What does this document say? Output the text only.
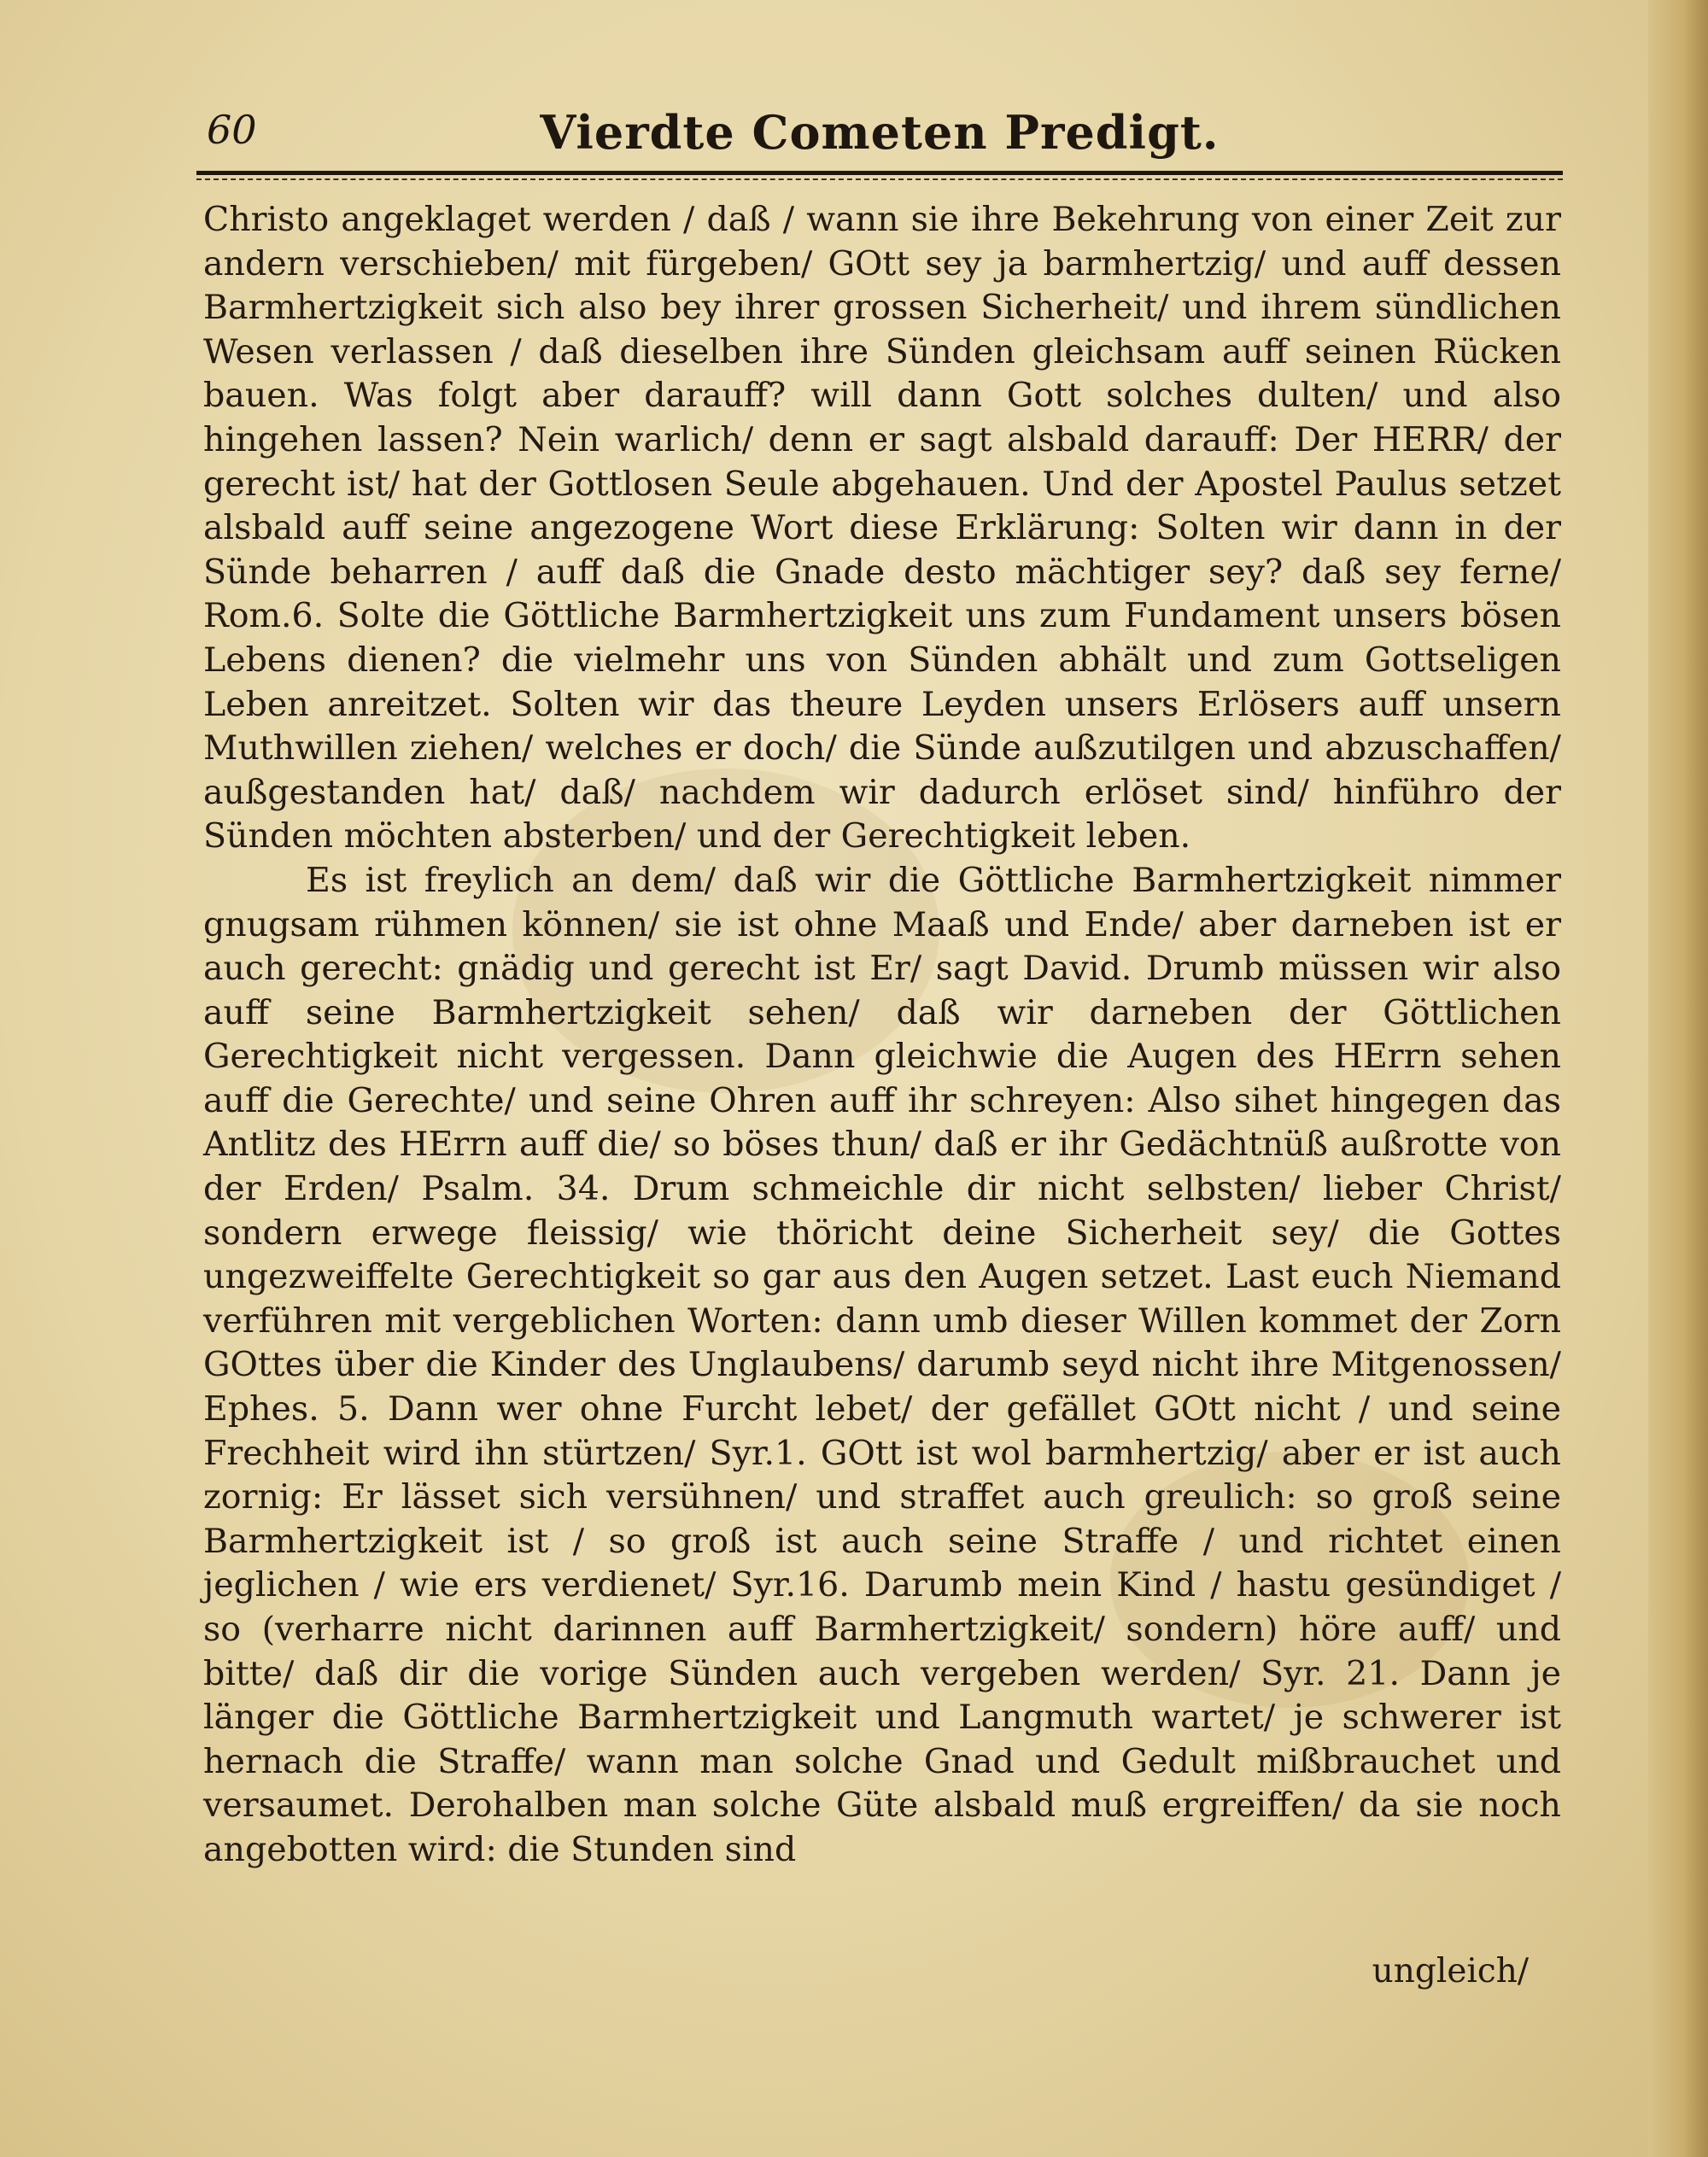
60	Vierdte Cometen Predigt.

Christo angeklaget werden / daß / wann sie ihre Bekehrung von einer Zeit zur andern verschieben/ mit fürgeben/ GOtt sey ja barmhertzig/ und auff dessen Barmhertzigkeit sich also bey ihrer grossen Sicherheit/ und ihrem sündlichen Wesen verlassen / daß dieselben ihre Sünden gleichsam auff seinen Rücken bauen. Was folgt aber darauff? will dann Gott solches dulten/ und also hingehen lassen? Nein warlich/ denn er sagt alsbald darauff: Der HERR/ der gerecht ist/ hat der Gottlosen Seule abgehauen. Und der Apostel Paulus setzet alsbald auff seine angezogene Wort diese Erklärung: Solten wir dann in der Sünde beharren / auff daß die Gnade desto mächtiger sey? daß sey ferne/ Rom.6. Solte die Göttliche Barmhertzigkeit uns zum Fundament unsers bösen Lebens dienen? die vielmehr uns von Sünden abhält und zum Gottseligen Leben anreitzet. Solten wir das theure Leyden unsers Erlösers auff unsern Muthwillen ziehen/ welches er doch/ die Sünde außzutilgen und abzuschaffen/ außgestanden hat/ daß/ nachdem wir dadurch erlöset sind/ hinführo der Sünden möchten absterben/ und der Gerechtigkeit leben.

Es ist freylich an dem/ daß wir die Göttliche Barmhertzigkeit nimmer gnugsam rühmen können/ sie ist ohne Maaß und Ende/ aber darneben ist er auch gerecht: gnädig und gerecht ist Er/ sagt David. Drumb müssen wir also auff seine Barmhertzigkeit sehen/ daß wir darneben der Göttlichen Gerechtigkeit nicht vergessen. Dann gleichwie die Augen des HErrn sehen auff die Gerechte/ und seine Ohren auff ihr schreyen: Also sihet hingegen das Antlitz des HErrn auff die/ so böses thun/ daß er ihr Gedächtnüß außrotte von der Erden/ Psalm. 34. Drum schmeichle dir nicht selbsten/ lieber Christ/ sondern erwege fleissig/ wie thöricht deine Sicherheit sey/ die Gottes ungezweiffelte Gerechtigkeit so gar aus den Augen setzet. Last euch Niemand verführen mit vergeblichen Worten: dann umb dieser Willen kommet der Zorn GOttes über die Kinder des Unglaubens/ darumb seyd nicht ihre Mitgenossen/ Ephes. 5. Dann wer ohne Furcht lebet/ der gefället GOtt nicht / und seine Frechheit wird ihn stürtzen/ Syr.1. GOtt ist wol barmhertzig/ aber er ist auch zornig: Er lässet sich versühnen/ und straffet auch greulich: so groß seine Barmhertzigkeit ist / so groß ist auch seine Straffe / und richtet einen jeglichen / wie ers verdienet/ Syr.16. Darumb mein Kind / hastu gesündiget / so (verharre nicht darinnen auff Barmhertzigkeit/ sondern) höre auff/ und bitte/ daß dir die vorige Sünden auch vergeben werden/ Syr. 21. Dann je länger die Göttliche Barmhertzigkeit und Langmuth wartet/ je schwerer ist hernach die Straffe/ wann man solche Gnad und Gedult mißbrauchet und versaumet. Derohalben man solche Güte alsbald muß ergreiffen/ da sie noch angebotten wird: die Stunden sind

ungleich/
